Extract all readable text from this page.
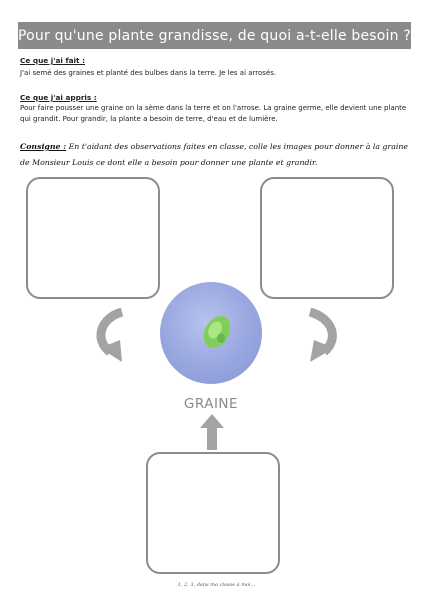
Pour qu'une plante grandisse, de quoi a-t-elle besoin ?
Ce que j'ai fait :
J'ai semé des graines et planté des bulbes dans la terre. Je les ai arrosés.
Ce que j'ai appris :
Pour faire pousser une graine on la sème dans la terre et on l'arrose. La graine germe, elle devient une plante qui grandit. Pour grandir, la plante a besoin de terre, d'eau et de lumière.
Consigne : En t'aidant des observations faites en classe, colle les images pour donner à la graine de Monsieur Louis ce dont elle a besoin pour donner une plante et grandir.
GRAINE
1, 2, 3, dans ma classe à moi...
